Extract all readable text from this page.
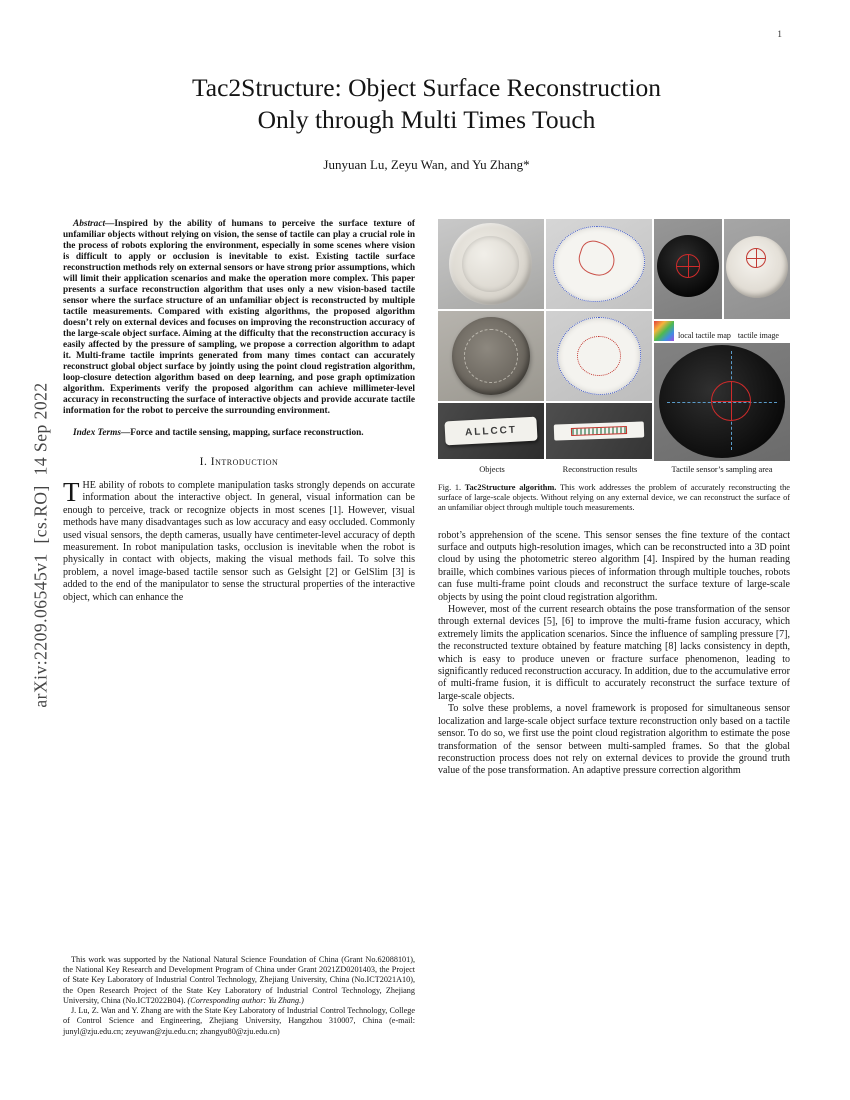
1
arXiv:2209.06545v1  [cs.RO]  14 Sep 2022
Tac2Structure: Object Surface Reconstruction
Only through Multi Times Touch
Junyuan Lu, Zeyu Wan, and Yu Zhang*

Abstract—Inspired by the ability of humans to perceive the surface texture of unfamiliar objects without relying on vision, the sense of tactile can play a crucial role in the process of robots exploring the environment, especially in some scenes where vision is difficult to apply or occlusion is inevitable to exist. Existing tactile surface reconstruction methods rely on external sensors or have strong prior assumptions, which will limit their application scenarios and make the operation more complex. This paper presents a surface reconstruction algorithm that uses only a new vision-based tactile sensor where the surface structure of an unfamiliar object is reconstructed by multiple tactile measurements. Compared with existing algorithms, the proposed algorithm doesn’t rely on external devices and focuses on improving the reconstruction accuracy of the large-scale object surface. Aiming at the difficulty that the reconstruction accuracy is easily affected by the pressure of sampling, we propose a correction algorithm to adapt it. Multi-frame tactile imprints generated from many times contact can accurately reconstruct global object surface by jointly using the point cloud registration algorithm, loop-closure detection algorithm based on deep learning, and pose graph optimization algorithm. Experiments verify the proposed algorithm can achieve millimeter-level accuracy in reconstructing the surface of interactive objects and provide accurate tactile information for the robot to perceive the surrounding environment.

Index Terms—Force and tactile sensing, mapping, surface reconstruction.

I. Introduction

THE ability of robots to complete manipulation tasks strongly depends on accurate information about the interactive object. In general, visual information can be enough to perceive, track or recognize objects in most scenes [1]. However, visual methods have many disadvantages such as low accuracy and easy occluded. Commonly used visual sensors, the depth cameras, usually have centimeter-level accuracy of depth measurement. In robot manipulation tasks, occlusion is inevitable when the robot is physically in contact with objects, making the visual methods fail. To solve this problem, a novel image-based tactile sensor such as Gelsight [2] or GelSlim [3] is added to the end of the manipulator to sense the structural properties of the interactive object, which can enhance the

This work was supported by the National Natural Science Foundation of China (Grant No.62088101), the National Key Research and Development Program of China under Grant 2021ZD0201403, the Project of State Key Laboratory of Industrial Control Technology, Zhejiang University, China (No.ICT2021A10), the Open Research Project of the State Key Laboratory of Industrial Control Technology, Zhejiang University, China (No.ICT2022B04). (Corresponding author: Yu Zhang.)

J. Lu, Z. Wan and Y. Zhang are with the State Key Laboratory of Industrial Control Technology, College of Control Science and Engineering, Zhejiang University, Hangzhou 310007, China (e-mail: junyl@zju.edu.cn; zeyuwan@zju.edu.cn; zhangyu80@zju.edu.cn)

ALLCCT
local tactile map tactile image
Objects	Reconstruction results	Tactile sensor’s sampling area

Fig. 1. Tac2Structure algorithm. This work addresses the problem of accurately reconstructing the surface of large-scale objects. Without relying on any external device, we can reconstruct the surface of an unfamiliar object through multiple touch measurements.

robot’s apprehension of the scene. This sensor senses the fine texture of the contact surface and outputs high-resolution images, which can be reconstructed into a 3D point cloud by using the photometric stereo algorithm [4]. Inspired by the human reading braille, which combines various pieces of information through multiple touches, robots can fuse multi-frame point clouds and reconstruct the surface texture of large-scale objects by using the point cloud registration algorithm.

However, most of the current research obtains the pose transformation of the sensor through external devices [5], [6] to improve the multi-frame fusion accuracy, which extremely limits the application scenarios. Since the influence of sampling pressure [7], the reconstructed texture obtained by feature matching [8] lacks consistency in depth, which is easy to produce uneven or fracture surface phenomenon, leading to significantly reduced reconstruction accuracy. In addition, due to the accumulative error of multi-frame fusion, it is difficult to accurately reconstruct the surface texture of large-scale objects.

To solve these problems, a novel framework is proposed for simultaneous sensor localization and large-scale object surface texture reconstruction only based on a tactile sensor. To do so, we first use the point cloud registration algorithm to estimate the pose transformation of the sensor between multi-sampled frames. So that the global reconstruction process does not rely on external devices to provide the ground truth value of the pose transformation. An adaptive pressure correction algorithm
